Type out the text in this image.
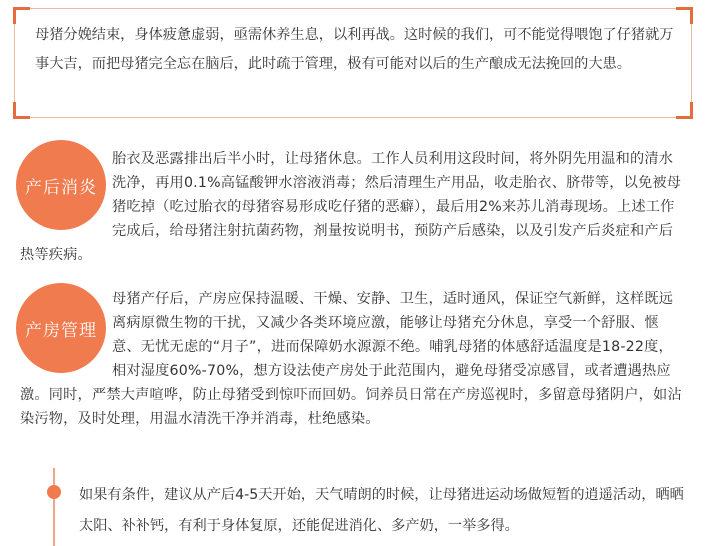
母猪分娩结束，身体疲惫虚弱，亟需休养生息，以利再战。这时候的我们，可不能觉得喂饱了仔猪就万事大吉，而把母猪完全忘在脑后，此时疏于管理，极有可能对以后的生产酿成无法挽回的大患。

产后消炎

胎衣及恶露排出后半小时，让母猪休息。工作人员利用这段时间，将外阴先用温和的清水洗净，再用0.1%高锰酸钾水溶液消毒；然后清理生产用品，收走胎衣、脐带等，以免被母猪吃掉（吃过胎衣的母猪容易形成吃仔猪的恶癖），最后用2%来苏儿消毒现场。上述工作完成后，给母猪注射抗菌药物，剂量按说明书，预防产后感染，以及引发产后炎症和产后热等疾病。

产房管理

母猪产仔后，产房应保持温暖、干燥、安静、卫生，适时通风，保证空气新鲜，这样既远离病原微生物的干扰，又减少各类环境应激，能够让母猪充分休息，享受一个舒服、惬意、无忧无虑的“月子”，进而保障奶水源源不绝。哺乳母猪的体感舒适温度是18-22度，相对湿度60%-70%，想方设法使产房处于此范围内，避免母猪受凉感冒，或者遭遇热应激。同时，严禁大声喧哗，防止母猪受到惊吓而回奶。饲养员日常在产房巡视时，多留意母猪阴户，如沾染污物，及时处理，用温水清洗干净并消毒，杜绝感染。

如果有条件，建议从产后4-5天开始，天气晴朗的时候，让母猪进运动场做短暂的逍遥活动，晒晒太阳、补补钙，有利于身体复原，还能促进消化、多产奶，一举多得。
